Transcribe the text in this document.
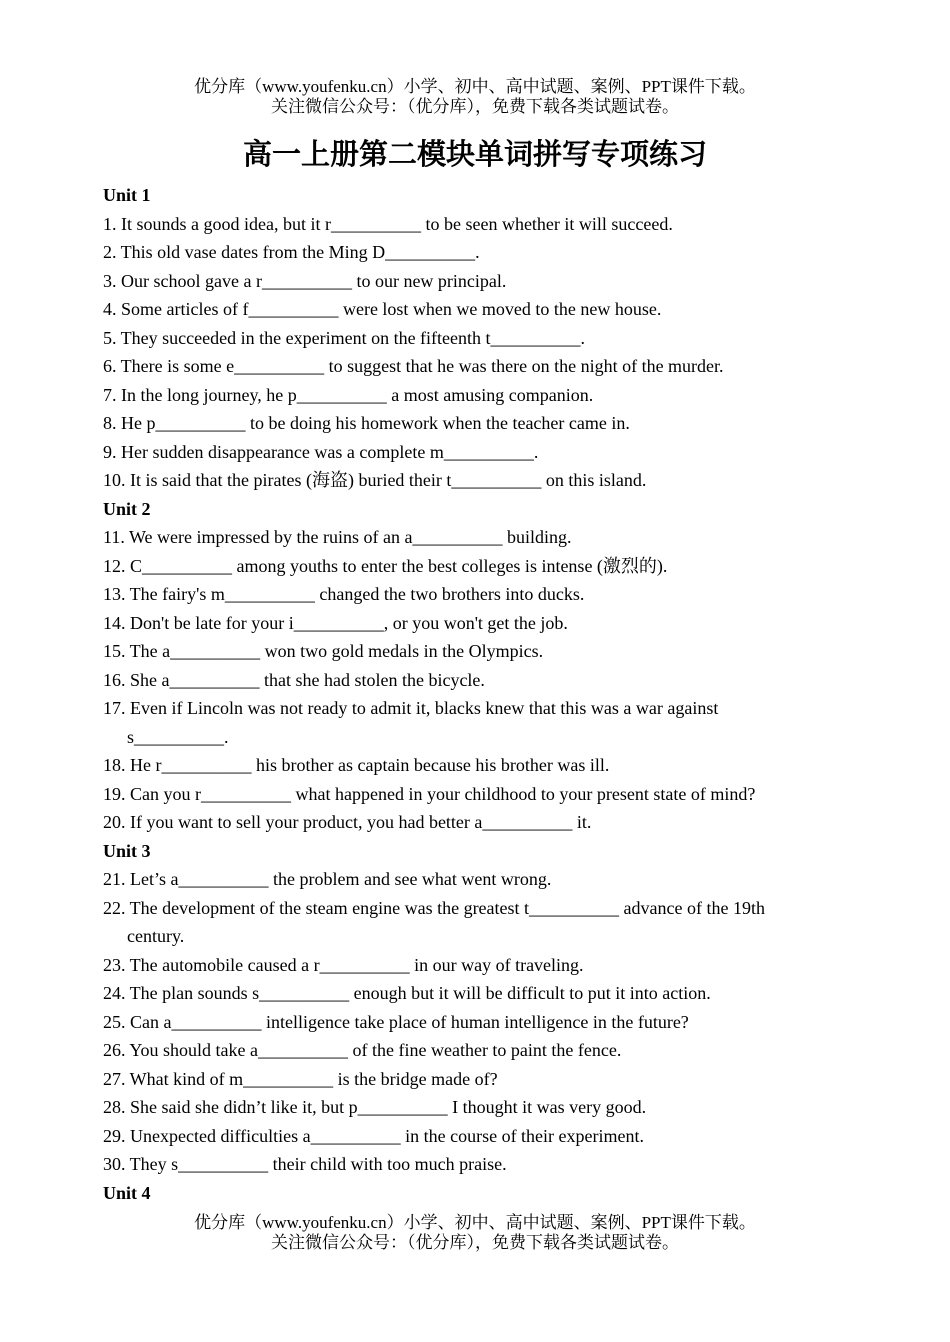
优分库（www.youfenku.cn）小学、初中、高中试题、案例、PPT课件下载。
关注微信公众号：（优分库），免费下载各类试题试卷。
高一上册第二模块单词拼写专项练习
Unit 1
1. It sounds a good idea, but it r__________ to be seen whether it will succeed.
2. This old vase dates from the Ming D__________.
3. Our school gave a r__________ to our new principal.
4. Some articles of f__________ were lost when we moved to the new house.
5. They succeeded in the experiment on the fifteenth t__________.
6. There is some e__________ to suggest that he was there on the night of the murder.
7. In the long journey, he p__________ a most amusing companion.
8. He p__________ to be doing his homework when the teacher came in.
9. Her sudden disappearance was a complete m__________.
10. It is said that the pirates (海盗) buried their t__________ on this island.
Unit 2
11. We were impressed by the ruins of an a__________ building.
12. C__________ among youths to enter the best colleges is intense (激烈的).
13. The fairy's m__________ changed the two brothers into ducks.
14. Don't be late for your i__________, or you won't get the job.
15. The a__________ won two gold medals in the Olympics.
16. She a__________ that she had stolen the bicycle.
17. Even if Lincoln was not ready to admit it, blacks knew that this was a war against s__________.
18. He r__________ his brother as captain because his brother was ill.
19. Can you r__________ what happened in your childhood to your present state of mind?
20. If you want to sell your product, you had better a__________ it.
Unit 3
21. Let’s a__________ the problem and see what went wrong.
22. The development of the steam engine was the greatest t__________ advance of the 19th century.
23. The automobile caused a r__________ in our way of traveling.
24. The plan sounds s__________ enough but it will be difficult to put it into action.
25. Can a__________ intelligence take place of human intelligence in the future?
26. You should take a__________ of the fine weather to paint the fence.
27. What kind of m__________ is the bridge made of?
28. She said she didn’t like it, but p__________ I thought it was very good.
29. Unexpected difficulties a__________ in the course of their experiment.
30. They s__________ their child with too much praise.
Unit 4
优分库（www.youfenku.cn）小学、初中、高中试题、案例、PPT课件下载。
关注微信公众号：（优分库），免费下载各类试题试卷。
